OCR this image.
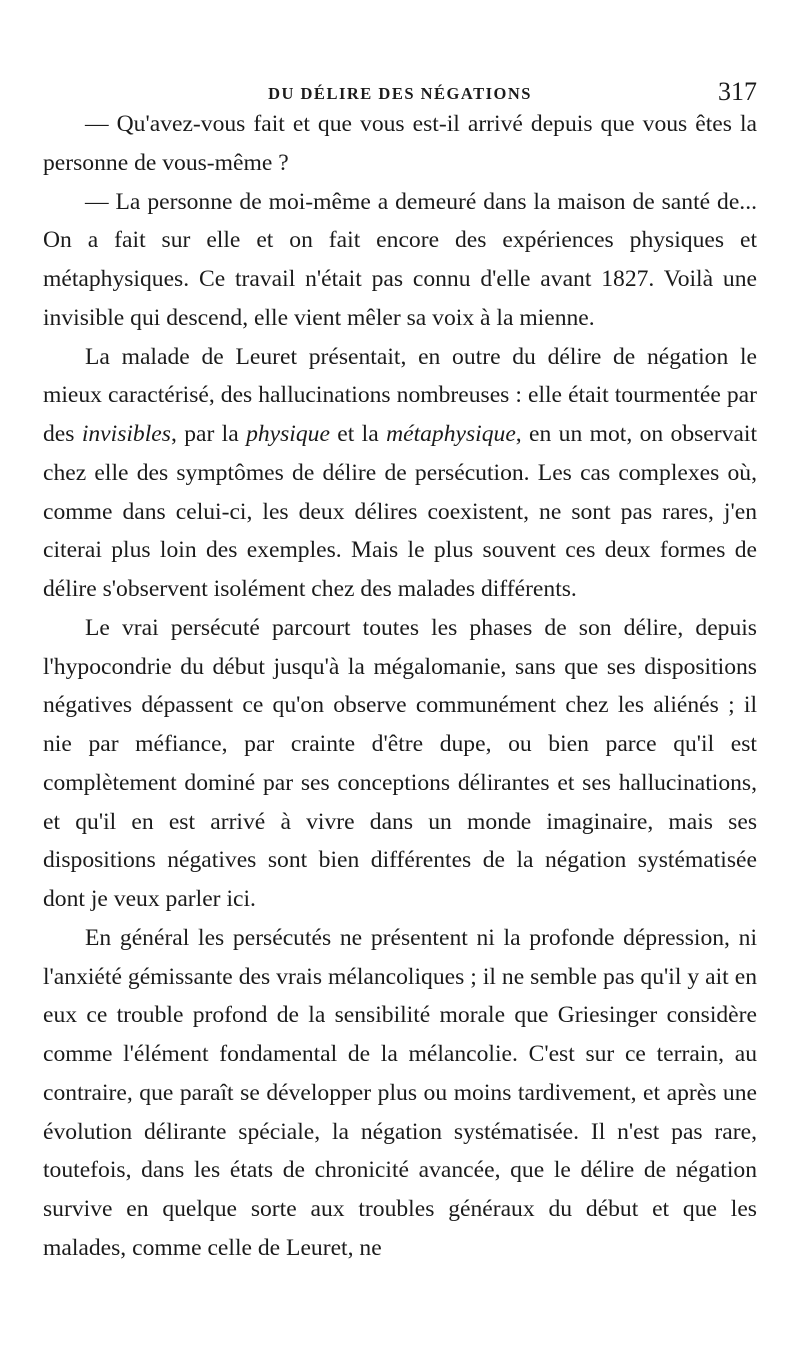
DU DÉLIRE DES NÉGATIONS	317

— Qu'avez-vous fait et que vous est-il arrivé depuis que vous êtes la personne de vous-même ?

— La personne de moi-même a demeuré dans la maison de santé de... On a fait sur elle et on fait encore des expériences physiques et métaphysiques. Ce travail n'était pas connu d'elle avant 1827. Voilà une invisible qui descend, elle vient mêler sa voix à la mienne.

La malade de Leuret présentait, en outre du délire de négation le mieux caractérisé, des hallucinations nombreuses : elle était tourmentée par des invisibles, par la physique et la métaphysique, en un mot, on observait chez elle des symptômes de délire de persécution. Les cas complexes où, comme dans celui-ci, les deux délires coexistent, ne sont pas rares, j'en citerai plus loin des exemples. Mais le plus souvent ces deux formes de délire s'observent isolément chez des malades différents.

Le vrai persécuté parcourt toutes les phases de son délire, depuis l'hypocondrie du début jusqu'à la mégalomanie, sans que ses dispositions négatives dépassent ce qu'on observe communément chez les aliénés ; il nie par méfiance, par crainte d'être dupe, ou bien parce qu'il est complètement dominé par ses conceptions délirantes et ses hallucinations, et qu'il en est arrivé à vivre dans un monde imaginaire, mais ses dispositions négatives sont bien différentes de la négation systématisée dont je veux parler ici.

En général les persécutés ne présentent ni la profonde dépression, ni l'anxiété gémissante des vrais mélancoliques ; il ne semble pas qu'il y ait en eux ce trouble profond de la sensibilité morale que Griesinger considère comme l'élément fondamental de la mélancolie. C'est sur ce terrain, au contraire, que paraît se développer plus ou moins tardivement, et après une évolution délirante spéciale, la négation systématisée. Il n'est pas rare, toutefois, dans les états de chronicité avancée, que le délire de négation survive en quelque sorte aux troubles généraux du début et que les malades, comme celle de Leuret, ne
